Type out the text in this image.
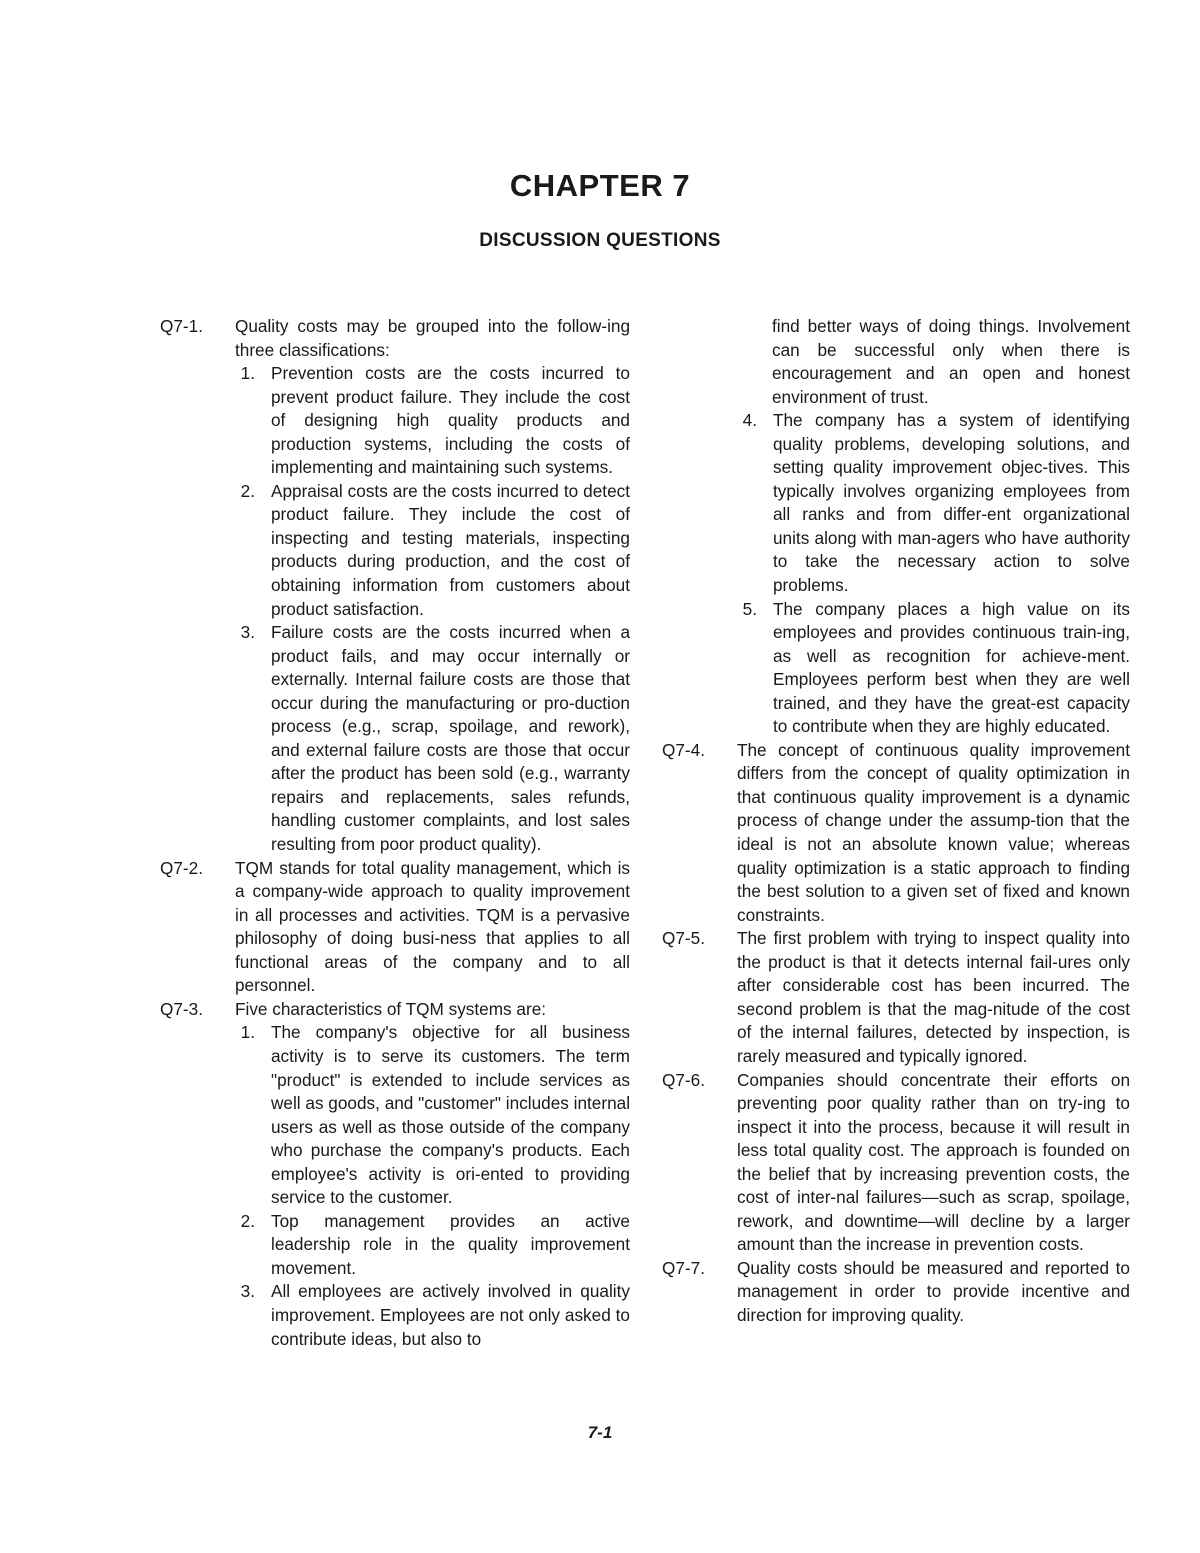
CHAPTER 7
DISCUSSION QUESTIONS
Q7-1. Quality costs may be grouped into the follow-ing three classifications:

1. Prevention costs are the costs incurred to prevent product failure. They include the cost of designing high quality products and production systems, including the costs of implementing and maintaining such systems.

2. Appraisal costs are the costs incurred to detect product failure. They include the cost of inspecting and testing materials, inspecting products during production, and the cost of obtaining information from customers about product satisfaction.

3. Failure costs are the costs incurred when a product fails, and may occur internally or externally. Internal failure costs are those that occur during the manufacturing or pro-duction process (e.g., scrap, spoilage, and rework), and external failure costs are those that occur after the product has been sold (e.g., warranty repairs and replacements, sales refunds, handling customer complaints, and lost sales resulting from poor product quality).

Q7-2. TQM stands for total quality management, which is a company-wide approach to quality improvement in all processes and activities. TQM is a pervasive philosophy of doing busi-ness that applies to all functional areas of the company and to all personnel.

Q7-3. Five characteristics of TQM systems are:

1. The company's objective for all business activity is to serve its customers. The term "product" is extended to include services as well as goods, and "customer" includes internal users as well as those outside of the company who purchase the company's products. Each employee's activity is ori-ented to providing service to the customer.

2. Top management provides an active leadership role in the quality improvement movement.

3. All employees are actively involved in quality improvement. Employees are not only asked to contribute ideas, but also to

find better ways of doing things. Involvement can be successful only when there is encouragement and an open and honest environment of trust.

4. The company has a system of identifying quality problems, developing solutions, and setting quality improvement objec-tives. This typically involves organizing employees from all ranks and from differ-ent organizational units along with man-agers who have authority to take the necessary action to solve problems.

5. The company places a high value on its employees and provides continuous train-ing, as well as recognition for achieve-ment. Employees perform best when they are well trained, and they have the great-est capacity to contribute when they are highly educated.

Q7-4. The concept of continuous quality improvement differs from the concept of quality optimization in that continuous quality improvement is a dynamic process of change under the assump-tion that the ideal is not an absolute known value; whereas quality optimization is a static approach to finding the best solution to a given set of fixed and known constraints.

Q7-5. The first problem with trying to inspect quality into the product is that it detects internal fail-ures only after considerable cost has been incurred. The second problem is that the mag-nitude of the cost of the internal failures, detected by inspection, is rarely measured and typically ignored.

Q7-6. Companies should concentrate their efforts on preventing poor quality rather than on try-ing to inspect it into the process, because it will result in less total quality cost. The approach is founded on the belief that by increasing prevention costs, the cost of inter-nal failures—such as scrap, spoilage, rework, and downtime—will decline by a larger amount than the increase in prevention costs.

Q7-7. Quality costs should be measured and reported to management in order to provide incentive and direction for improving quality.

7-1
